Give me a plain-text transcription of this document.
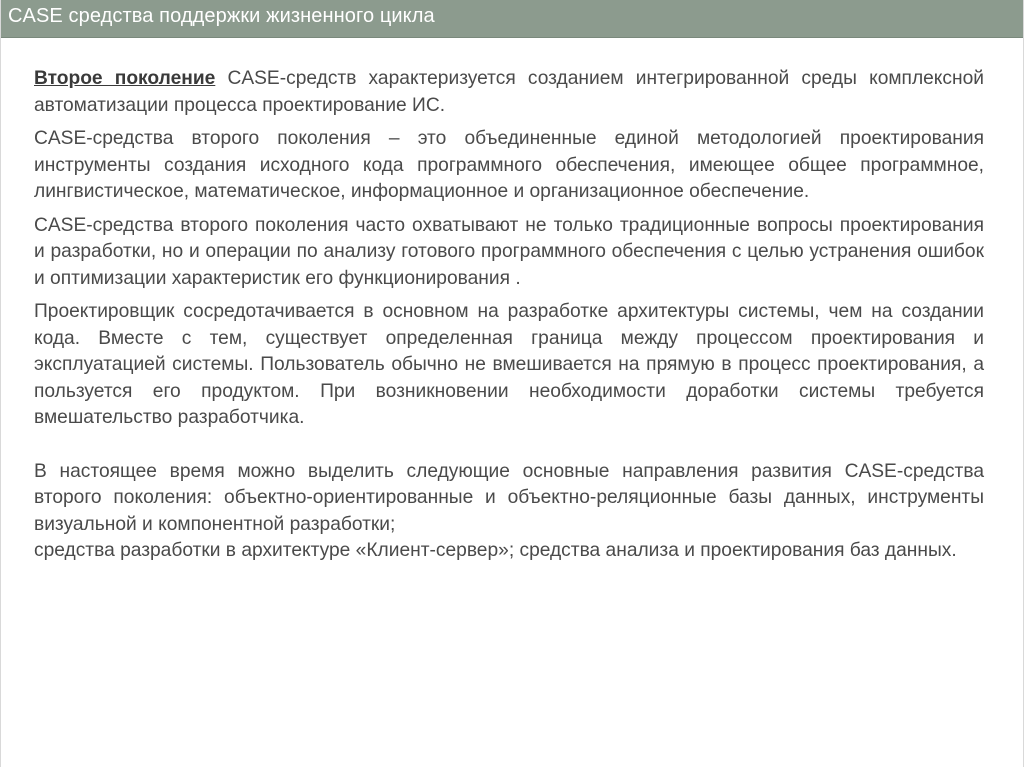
CASE средства поддержки жизненного цикла

Второе поколение CASE-средств характеризуется созданием интегрированной среды комплексной автоматизации процесса проектирование ИС.

CASE-средства второго поколения – это объединенные единой методологией проектирования инструменты создания исходного кода программного обеспечения, имеющее общее программное, лингвистическое, математическое, информационное и организационное обеспечение.

CASE-средства второго поколения часто охватывают не только традиционные вопросы проектирования и разработки, но и операции по анализу готового программного обеспечения с целью устранения ошибок и оптимизации характеристик его функционирования .

Проектировщик сосредотачивается в основном на разработке архитектуры системы, чем на создании кода. Вместе с тем, существует определенная граница между процессом проектирования и эксплуатацией системы. Пользователь обычно не вмешивается на прямую в процесс проектирования, а пользуется его продуктом. При возникновении необходимости доработки системы требуется вмешательство разработчика.

В настоящее время можно выделить следующие основные направления развития CASE-средства второго поколения: объектно-ориентированные и объектно-реляционные базы данных, инструменты визуальной и компонентной разработки;

средства разработки в архитектуре «Клиент-сервер»; средства анализа и проектирования баз данных.
